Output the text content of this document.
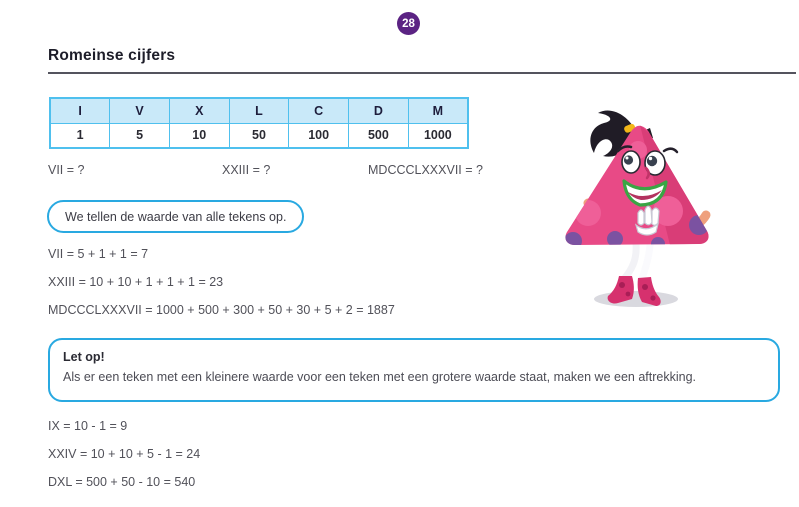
28
Romeinse cijfers
I	V	X	L	C	D	M
1	5	10	50	100	500	1000
VII = ?	XXIII = ?	MDCCCLXXXVII = ?
We tellen de waarde van alle tekens op.

VII = 5 + 1 + 1 = 7

XXIII = 10 + 10 + 1 + 1 + 1 = 23

MDCCCLXXXVII = 1000 + 500 + 300 + 50 + 30 + 5 + 2 = 1887

Let op!

Als er een teken met een kleinere waarde voor een teken met een grotere waarde staat, maken we een aftrekking.

IX = 10 - 1 = 9

XXIV = 10 + 10 + 5 - 1 = 24

DXL = 500 + 50 - 10 = 540
